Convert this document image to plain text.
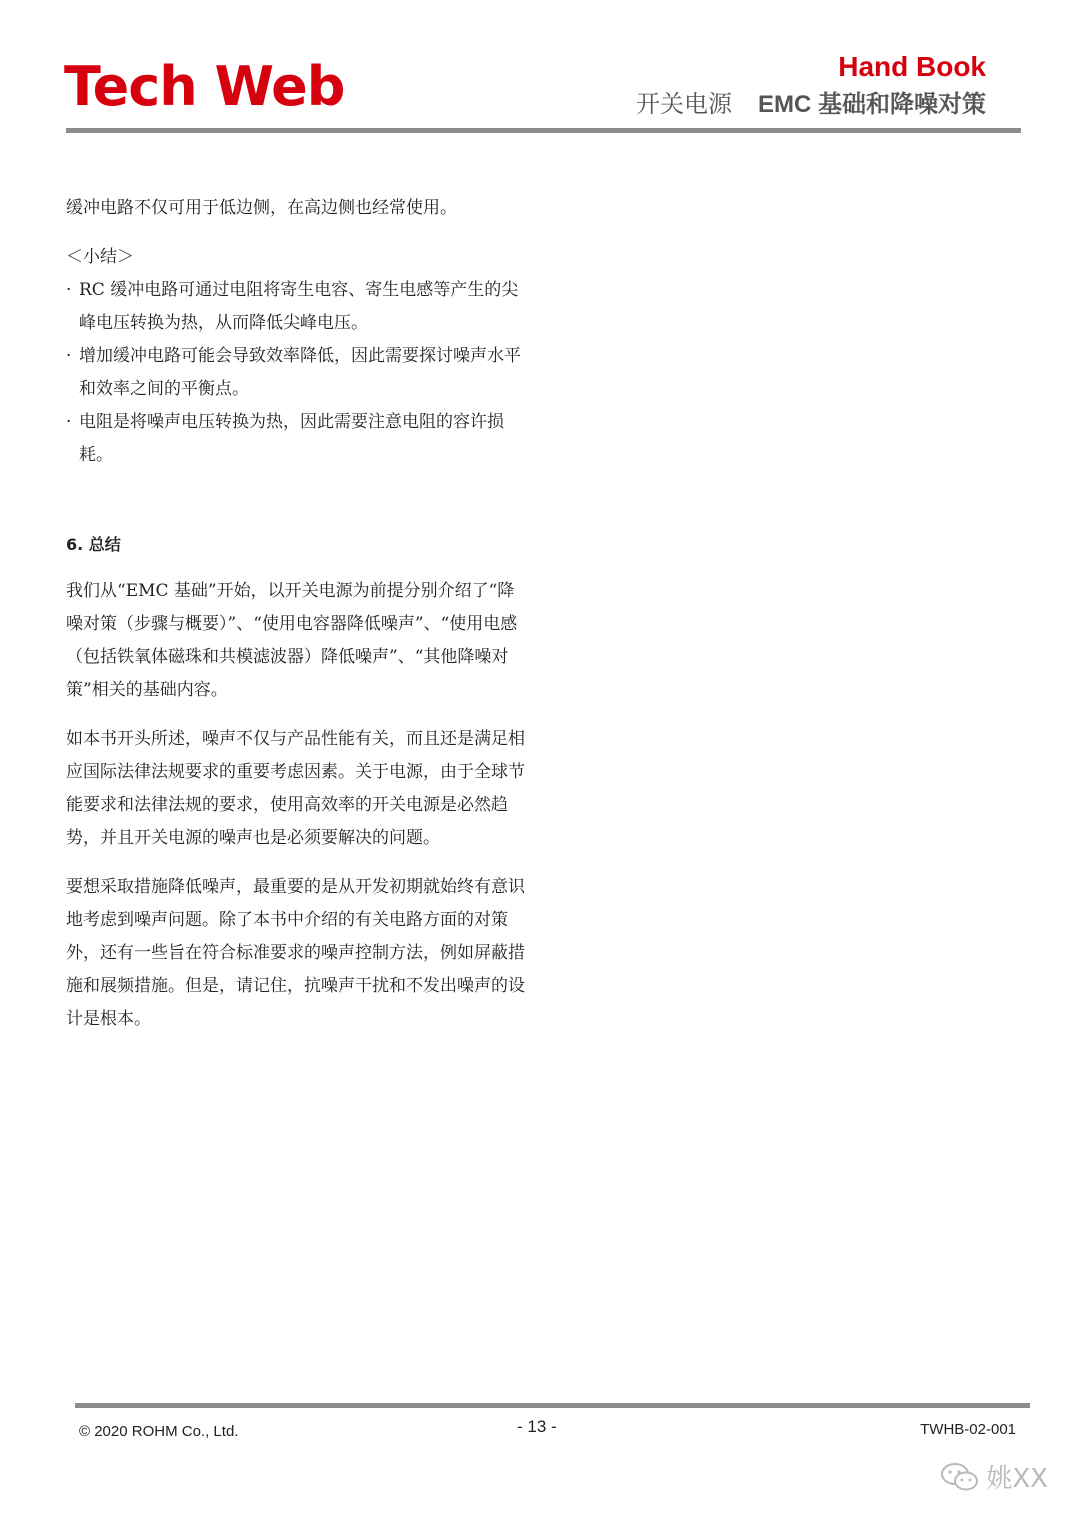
Tech Web	Hand Book
开关电源 EMC 基础和降噪对策

缓冲电路不仅可用于低边侧，在高边侧也经常使用。

＜小结＞
· RC 缓冲电路可通过电阻将寄生电容、寄生电感等产生的尖峰电压转换为热，从而降低尖峰电压。
· 增加缓冲电路可能会导致效率降低，因此需要探讨噪声水平和效率之间的平衡点。
· 电阻是将噪声电压转换为热，因此需要注意电阻的容许损耗。
6. 总结

我们从“EMC 基础”开始，以开关电源为前提分别介绍了“降噪对策（步骤与概要）”、“使用电容器降低噪声”、“使用电感（包括铁氧体磁珠和共模滤波器）降低噪声”、“其他降噪对策”相关的基础内容。

如本书开头所述，噪声不仅与产品性能有关，而且还是满足相应国际法律法规要求的重要考虑因素。关于电源，由于全球节能要求和法律法规的要求，使用高效率的开关电源是必然趋势，并且开关电源的噪声也是必须要解决的问题。

要想采取措施降低噪声，最重要的是从开发初期就始终有意识地考虑到噪声问题。除了本书中介绍的有关电路方面的对策外，还有一些旨在符合标准要求的噪声控制方法，例如屏蔽措施和展频措施。但是，请记住，抗噪声干扰和不发出噪声的设计是根本。

© 2020 ROHM Co., Ltd.	- 13 -	TWHB-02-001
姚XX
